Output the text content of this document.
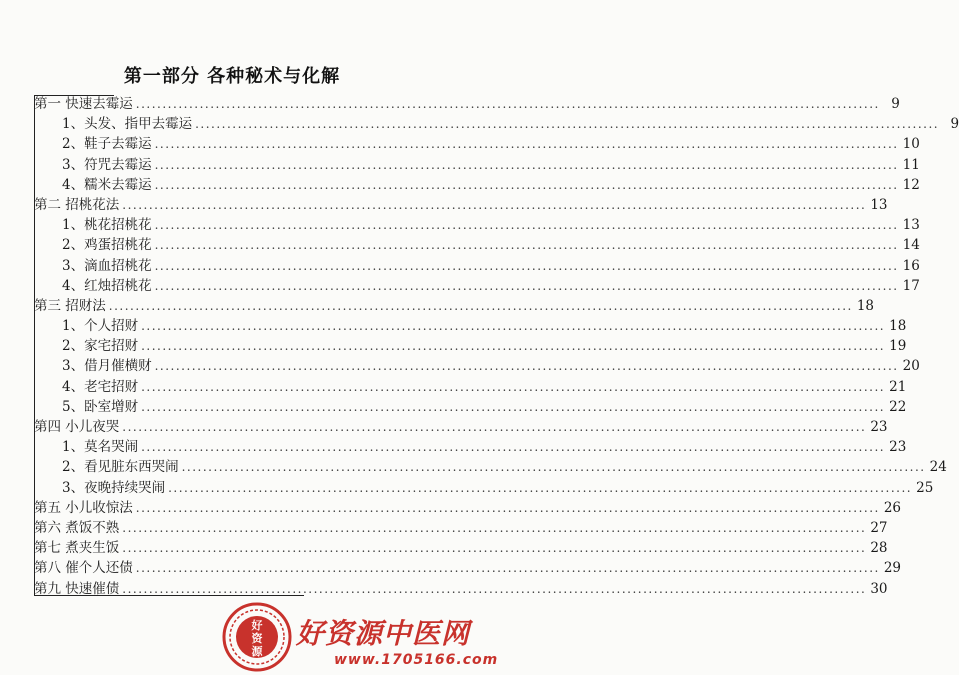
第一部分 各种秘术与化解
第一 快速去霉运 .....	9
1、头发、指甲去霉运 .....	9
2、鞋子去霉运 .....	10
3、符咒去霉运 .....	11
4、糯米去霉运 .....	12
第二 招桃花法 .....	13
1、桃花招桃花 .....	13
2、鸡蛋招桃花 .....	14
3、滴血招桃花 .....	16
4、红烛招桃花 .....	17
第三 招财法 .....	18
1、个人招财 .....	18
2、家宅招财 .....	19
3、借月催横财 .....	20
4、老宅招财 .....	21
5、卧室增财 .....	22
第四 小儿夜哭 .....	23
1、莫名哭闹 .....	23
2、看见脏东西哭闹 .....	24
3、夜晚持续哭闹 .....	25
第五 小儿收惊法 .....	26
第六 煮饭不熟 .....	27
第七 煮夹生饭 .....	28
第八 催个人还债 .....	29
第九 快速催债 .....	30
好
资
源
好资源中医网
www.1705166.com
